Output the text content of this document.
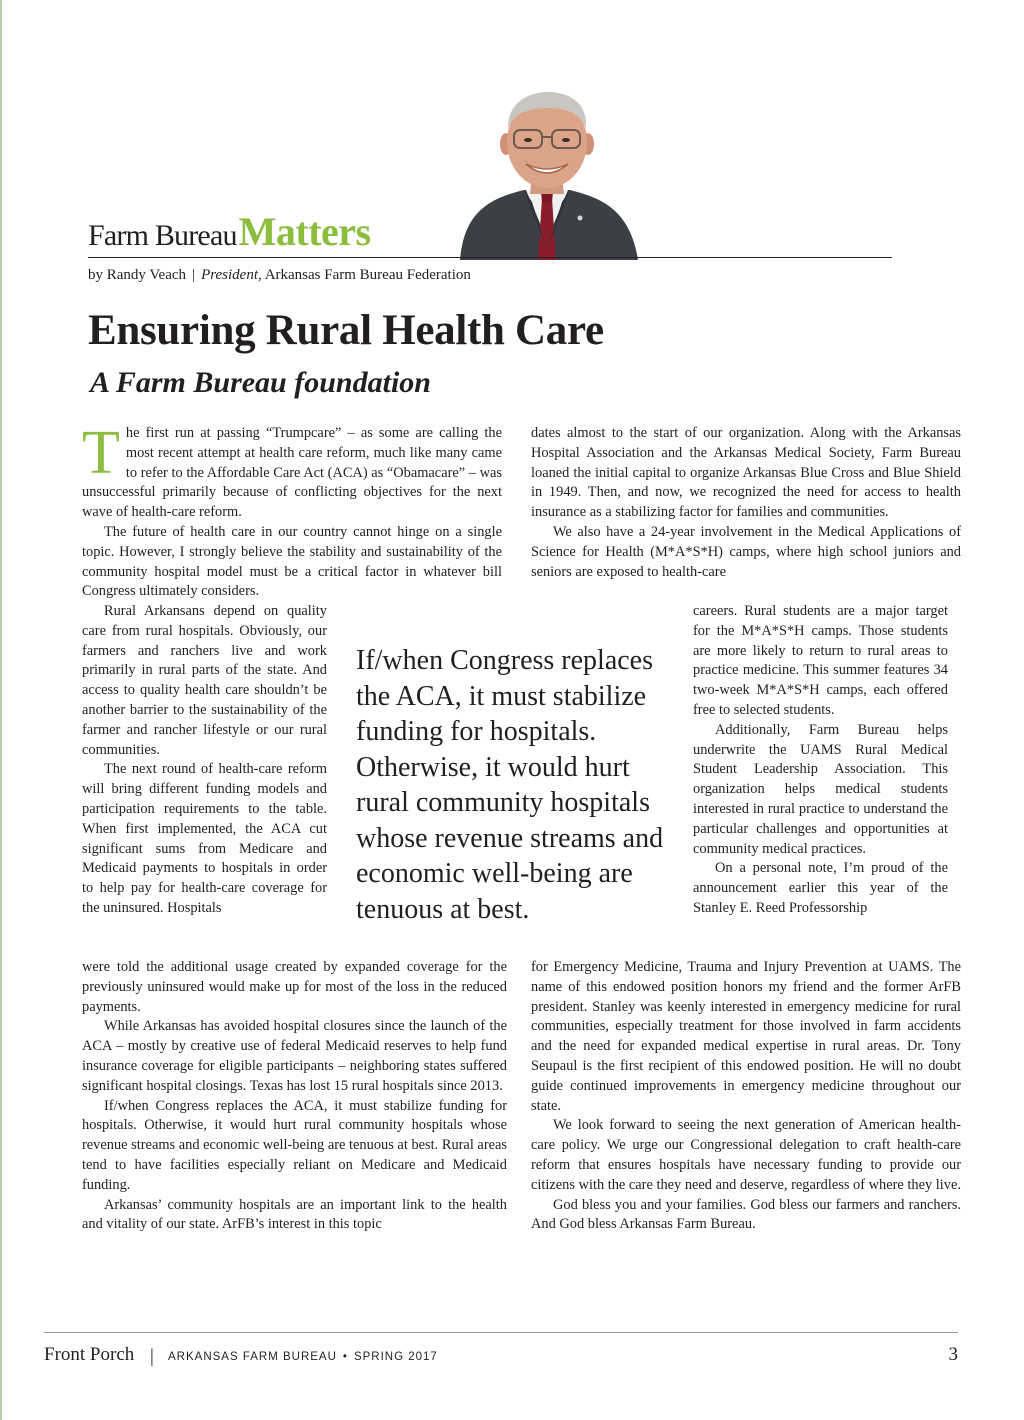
Farm BureauMatters
by Randy Veach | President, Arkansas Farm Bureau Federation
Ensuring Rural Health Care
A Farm Bureau foundation

The first run at passing “Trumpcare” – as some are calling the most recent attempt at health care reform, much like many came to refer to the Affordable Care Act (ACA) as “Obamacare” – was unsuccessful primarily because of conflicting objectives for the next wave of health-care reform.

The future of health care in our country cannot hinge on a single topic. However, I strongly believe the stability and sustainability of the community hospital model must be a critical factor in whatever bill Congress ultimately considers.

Rural Arkansans depend on quality care from rural hospitals. Obviously, our farmers and ranchers live and work primarily in rural parts of the state. And access to quality health care shouldn’t be another barrier to the sustainability of the farmer and rancher lifestyle or our rural communities.

The next round of health-care reform will bring different funding models and participation requirements to the table. When first implemented, the ACA cut significant sums from Medicare and Medicaid payments to hospitals in order to help pay for health-care coverage for the uninsured. Hospitals

If/when Congress replaces the ACA, it must stabilize funding for hospitals. Otherwise, it would hurt rural community hospitals whose revenue streams and economic well-being are tenuous at best.

were told the additional usage created by expanded coverage for the previously uninsured would make up for most of the loss in the reduced payments.

While Arkansas has avoided hospital closures since the launch of the ACA – mostly by creative use of federal Medicaid reserves to help fund insurance coverage for eligible participants – neighboring states suffered significant hospital closings. Texas has lost 15 rural hospitals since 2013.

If/when Congress replaces the ACA, it must stabilize funding for hospitals. Otherwise, it would hurt rural community hospitals whose revenue streams and economic well-being are tenuous at best. Rural areas tend to have facilities especially reliant on Medicare and Medicaid funding.

Arkansas’ community hospitals are an important link to the health and vitality of our state. ArFB’s interest in this topic

dates almost to the start of our organization. Along with the Arkansas Hospital Association and the Arkansas Medical Society, Farm Bureau loaned the initial capital to organize Arkansas Blue Cross and Blue Shield in 1949. Then, and now, we recognized the need for access to health insurance as a stabilizing factor for families and communities.

We also have a 24-year involvement in the Medical Applications of Science for Health (M*A*S*H) camps, where high school juniors and seniors are exposed to health-care

careers. Rural students are a major target for the M*A*S*H camps. Those students are more likely to return to rural areas to practice medicine. This summer features 34 two-week M*A*S*H camps, each offered free to selected students.

Additionally, Farm Bureau helps underwrite the UAMS Rural Medical Student Leadership Association. This organization helps medical students interested in rural practice to understand the particular challenges and opportunities at community medical practices.

On a personal note, I’m proud of the announcement earlier this year of the Stanley E. Reed Professorship

for Emergency Medicine, Trauma and Injury Prevention at UAMS. The name of this endowed position honors my friend and the former ArFB president. Stanley was keenly interested in emergency medicine for rural communities, especially treatment for those involved in farm accidents and the need for expanded medical expertise in rural areas. Dr. Tony Seupaul is the first recipient of this endowed position. He will no doubt guide continued improvements in emergency medicine throughout our state.

We look forward to seeing the next generation of American health-care policy. We urge our Congressional delegation to craft health-care reform that ensures hospitals have necessary funding to provide our citizens with the care they need and deserve, regardless of where they live.

God bless you and your families. God bless our farmers and ranchers. And God bless Arkansas Farm Bureau.

Front Porch | ARKANSAS FARM BUREAU • SPRING 2017	3
